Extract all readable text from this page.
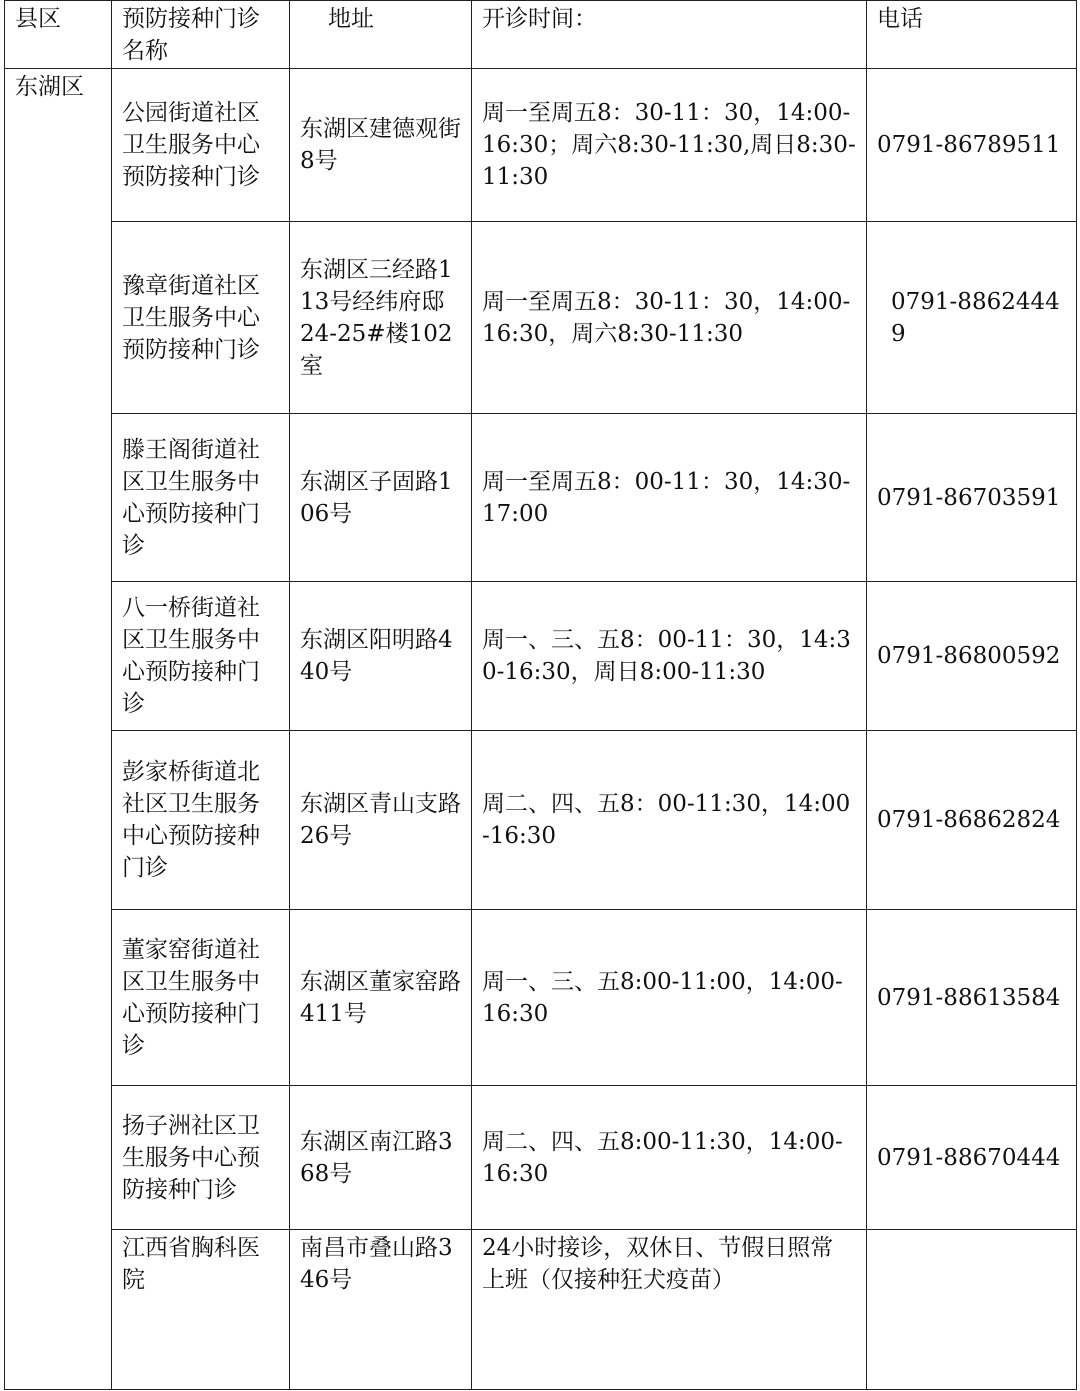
县区	预防接种门诊名称	地址	开诊时间：	电话
东湖区	公园街道社区卫生服务中心预防接种门诊	东湖区建德观街8号	周一至周五8：30-11：30，14:00-16:30；周六8:30-11:30,周日8:30-11:30	0791-86789511
	豫章街道社区卫生服务中心预防接种门诊	东湖区三经路113号经纬府邸 24-25#楼102室	周一至周五8：30-11：30，14:00-16:30，周六8:30-11:30	0791-88624449
	滕王阁街道社区卫生服务中心预防接种门诊	东湖区子固路106号	周一至周五8：00-11：30，14:30-17:00	0791-86703591
	八一桥街道社区卫生服务中心预防接种门诊	东湖区阳明路440号	周一、三、五8：00-11：30，14:30-16:30，周日8:00-11:30	0791-86800592
	彭家桥街道北社区卫生服务中心预防接种门诊	东湖区青山支路26号	周二、四、五8：00-11:30，14:00-16:30	0791-86862824
	董家窑街道社区卫生服务中心预防接种门诊	东湖区董家窑路411号	周一、三、五8:00-11:00，14:00-16:30	0791-88613584
	扬子洲社区卫生服务中心预防接种门诊	东湖区南江路368号	周二、四、五8:00-11:30，14:00-16:30	0791-88670444
	江西省胸科医院	南昌市叠山路346号	24小时接诊，双休日、节假日照常上班（仅接种狂犬疫苗）	
